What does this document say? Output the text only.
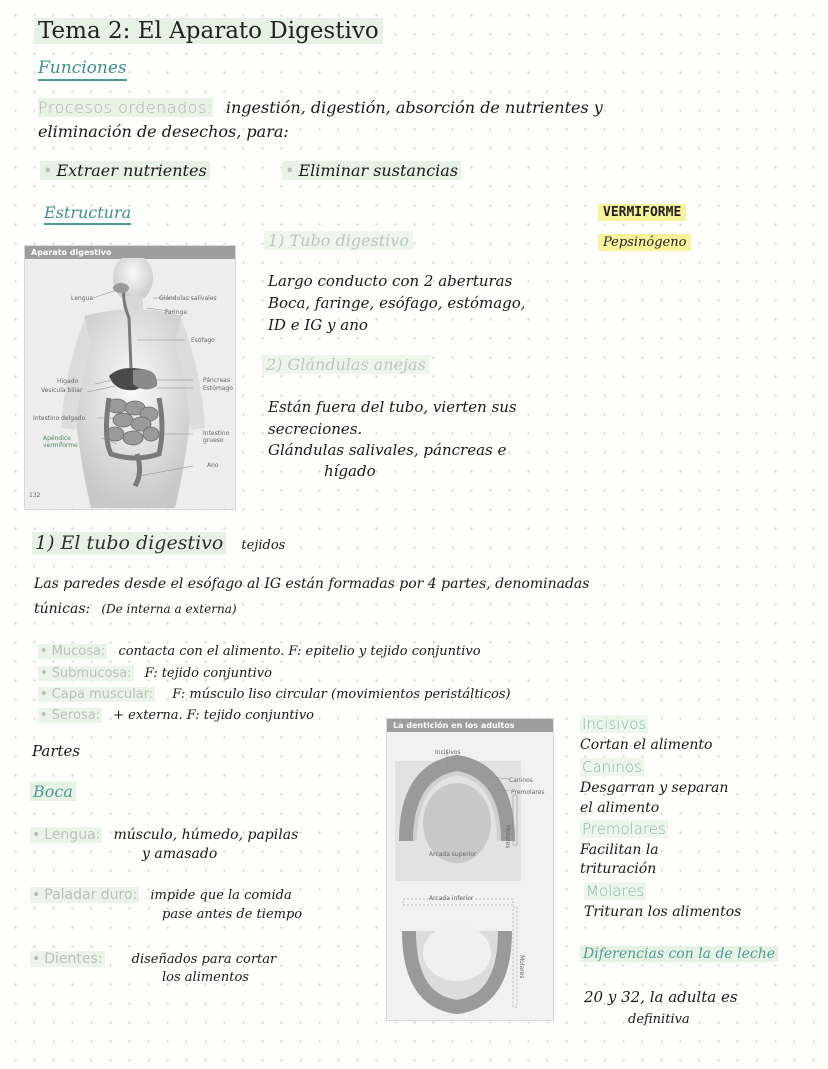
Tema 2: El Aparato Digestivo
Funciones
Procesos ordenados: ingestión, digestión, absorción de nutrientes y
eliminación de desechos, para:
• Extraer nutrientes
•	Eliminar sustancias
Estructura	VERMIFORME
Pepsinógeno
Aparato digestivo
Lengua	Glándulas salivales
Faringe
Esófago
Hígado
Vesícula biliar
Páncreas
Estómago
Intestino delgado
Apéndice vermiforme
Intestino grueso
Ano
132
1) Tubo digestivo
Largo conducto con 2 aberturas
Boca, faringe, esófago, estómago,
ID e IG y ano
2) Glándulas anejas
Están fuera del tubo, vierten sus
secreciones.
Glándulas salivales, páncreas e
hígado
1) El tubo digestivo tejidos
Las paredes desde el esófago al IG están formadas por 4 partes, denominadas
túnicas: (De interna a externa)
• Mucosa: contacta con el alimento. F: epitelio y tejido conjuntivo
• Submucosa: F: tejido conjuntivo
• Capa muscular: F: músculo liso circular (movimientos peristálticos)
• Serosa: + externa. F: tejido conjuntivo
Partes
Boca
• Lengua: músculo, húmedo, papilas
y amasado
• Paladar duro: impide que la comida
pase antes de tiempo
• Dientes: diseñados para cortar
los alimentos
La dentición en los adultos
Incisivos
Caninos
Premolares
Molares
Arcada superior
Arcada inferior
Molares
Incisivos
Cortan el alimento
Caninos
Desgarran y separan
el alimento
Premolares
Facilitan la
trituración
Molares
Trituran los alimentos
Diferencias con la de leche
20 y 32, la adulta es
definitiva
